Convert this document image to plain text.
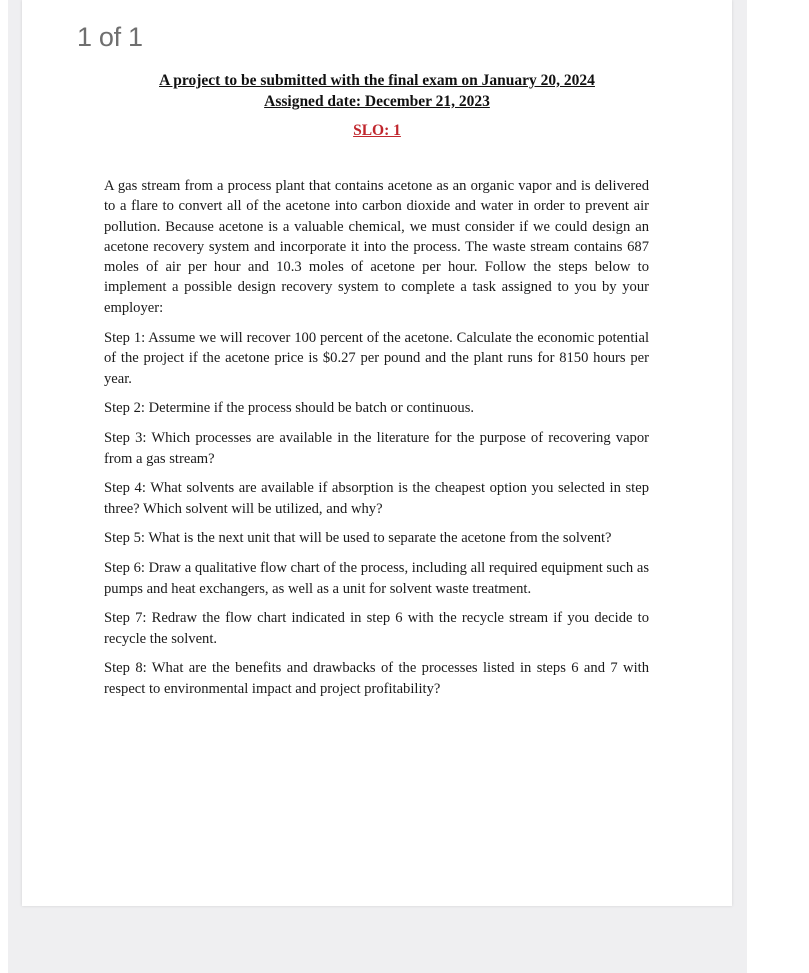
1 of 1
A project to be submitted with the final exam on January 20, 2024
Assigned date: December 21, 2023
SLO: 1

A gas stream from a process plant that contains acetone as an organic vapor and is delivered to a flare to convert all of the acetone into carbon dioxide and water in order to prevent air pollution. Because acetone is a valuable chemical, we must consider if we could design an acetone recovery system and incorporate it into the process. The waste stream contains 687 moles of air per hour and 10.3 moles of acetone per hour. Follow the steps below to implement a possible design recovery system to complete a task assigned to you by your employer:

Step 1: Assume we will recover 100 percent of the acetone. Calculate the economic potential of the project if the acetone price is $0.27 per pound and the plant runs for 8150 hours per year.

Step 2: Determine if the process should be batch or continuous.

Step 3: Which processes are available in the literature for the purpose of recovering vapor from a gas stream?

Step 4: What solvents are available if absorption is the cheapest option you selected in step three? Which solvent will be utilized, and why?

Step 5: What is the next unit that will be used to separate the acetone from the solvent?

Step 6: Draw a qualitative flow chart of the process, including all required equipment such as pumps and heat exchangers, as well as a unit for solvent waste treatment.

Step 7: Redraw the flow chart indicated in step 6 with the recycle stream if you decide to recycle the solvent.

Step 8: What are the benefits and drawbacks of the processes listed in steps 6 and 7 with respect to environmental impact and project profitability?
